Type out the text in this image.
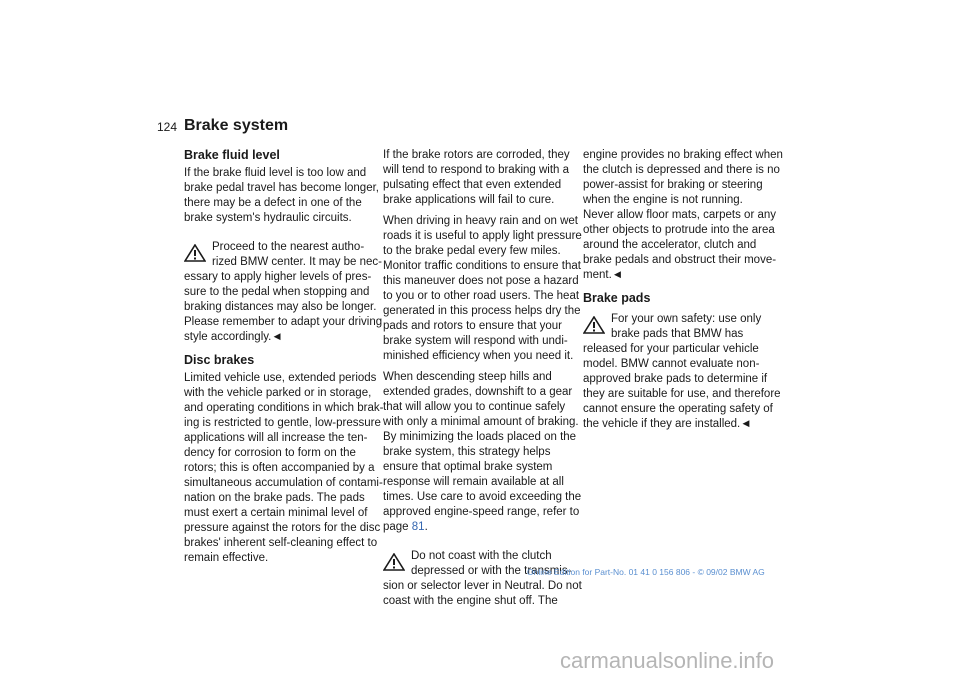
124 Brake system
Brake fluid level

If the brake fluid level is too low and
brake pedal travel has become longer,
there may be a defect in one of the
brake system's hydraulic circuits.

Proceed to the nearest autho-
rized BMW center. It may be nec-
essary to apply higher levels of pres-
sure to the pedal when stopping and
braking distances may also be longer.
Please remember to adapt your driving
style accordingly.◄

Disc brakes

Limited vehicle use, extended periods
with the vehicle parked or in storage,
and operating conditions in which brak-
ing is restricted to gentle, low-pressure
applications will all increase the ten-
dency for corrosion to form on the
rotors; this is often accompanied by a
simultaneous accumulation of contami-
nation on the brake pads. The pads
must exert a certain minimal level of
pressure against the rotors for the disc
brakes' inherent self-cleaning effect to
remain effective.

If the brake rotors are corroded, they
will tend to respond to braking with a
pulsating effect that even extended
brake applications will fail to cure.

When driving in heavy rain and on wet
roads it is useful to apply light pressure
to the brake pedal every few miles.
Monitor traffic conditions to ensure that
this maneuver does not pose a hazard
to you or to other road users. The heat
generated in this process helps dry the
pads and rotors to ensure that your
brake system will respond with undi-
minished efficiency when you need it.

When descending steep hills and
extended grades, downshift to a gear
that will allow you to continue safely
with only a minimal amount of braking.
By minimizing the loads placed on the
brake system, this strategy helps
ensure that optimal brake system
response will remain available at all
times. Use care to avoid exceeding the
approved engine-speed range, refer to
page 81.

Do not coast with the clutch
depressed or with the transmis-
sion or selector lever in Neutral. Do not
coast with the engine shut off. The

engine provides no braking effect when
the clutch is depressed and there is no
power-assist for braking or steering
when the engine is not running.
Never allow floor mats, carpets or any
other objects to protrude into the area
around the accelerator, clutch and
brake pedals and obstruct their move-
ment.◄

Brake pads

For your own safety: use only
brake pads that BMW has
released for your particular vehicle
model. BMW cannot evaluate non-
approved brake pads to determine if
they are suitable for use, and therefore
cannot ensure the operating safety of
the vehicle if they are installed.◄

Online Edition for Part-No. 01 41 0 156 806 - © 09/02 BMW AG
carmanualsonline.info
